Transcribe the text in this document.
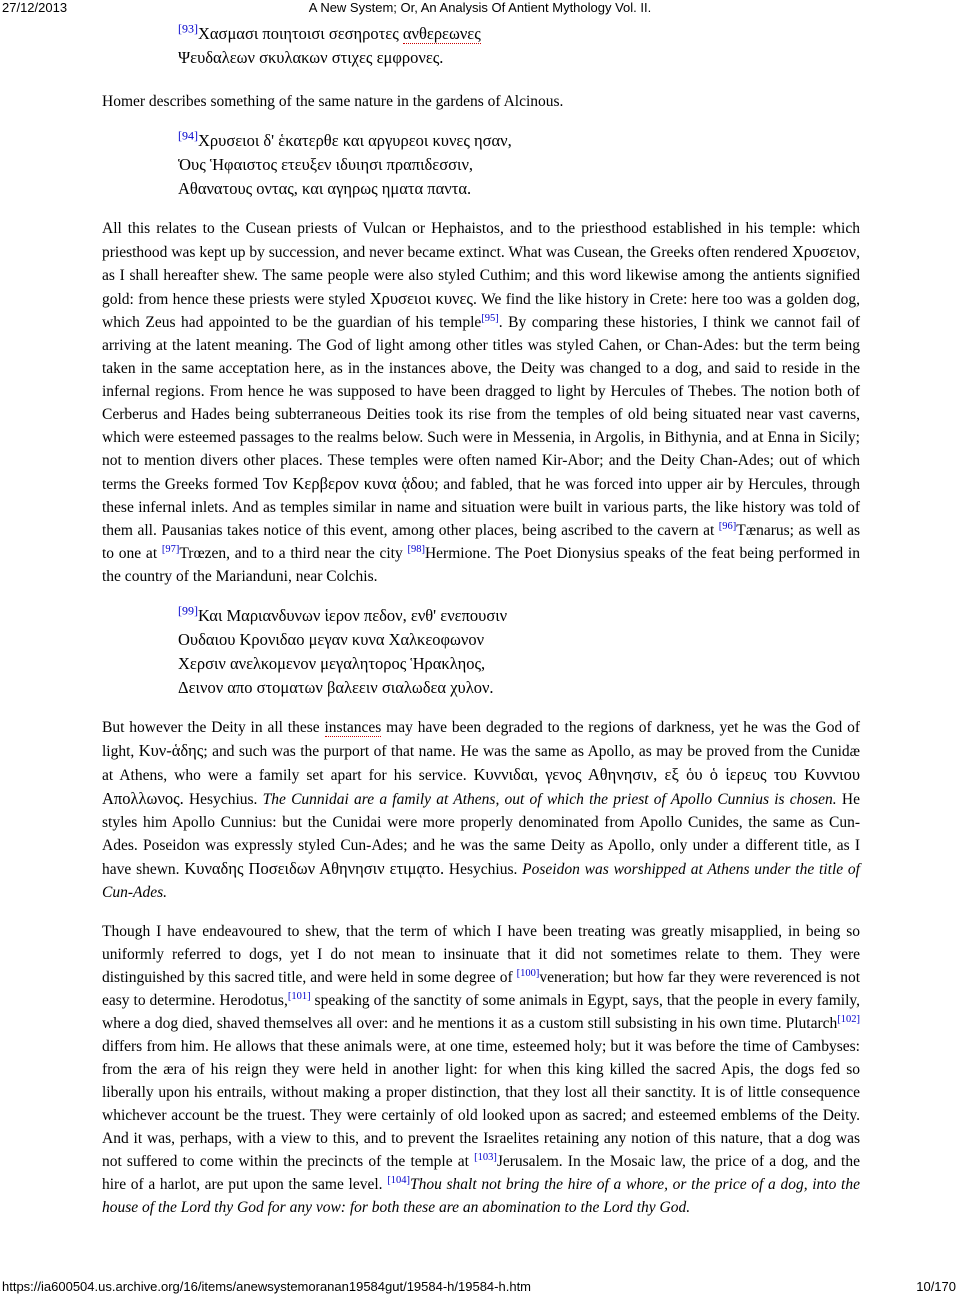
27/12/2013	A New System; Or, An Analysis Of Antient Mythology Vol. II.

[93]Χασμασι ποιητοισι σεσηροτες ανθερεωνες

Ψευδαλεων σκυλακων στιχες εμφρονες.

Homer describes something of the same nature in the gardens of Alcinous.

[94]Χρυσειοι δ' ἑκατερθε και αργυρεοι κυνες ησαν,

Ὁυς Ἡφαιστος ετευξεν ιδυιησι πραπιδεσσιν,

Αθανατους οντας, και αγηρως ηματα παντα.

All this relates to the Cusean priests of Vulcan or Hephaistos, and to the priesthood established in his temple: which priesthood was kept up by succession, and never became extinct. What was Cusean, the Greeks often rendered Χρυσειον, as I shall hereafter shew. The same people were also styled Cuthim; and this word likewise among the antients signified gold: from hence these priests were styled Χρυσειοι κυνες. We find the like history in Crete: here too was a golden dog, which Zeus had appointed to be the guardian of his temple[95]. By comparing these histories, I think we cannot fail of arriving at the latent meaning. The God of light among other titles was styled Cahen, or Chan-Ades: but the term being taken in the same acceptation here, as in the instances above, the Deity was changed to a dog, and said to reside in the infernal regions. From hence he was supposed to have been dragged to light by Hercules of Thebes. The notion both of Cerberus and Hades being subterraneous Deities took its rise from the temples of old being situated near vast caverns, which were esteemed passages to the realms below. Such were in Messenia, in Argolis, in Bithynia, and at Enna in Sicily; not to mention divers other places. These temples were often named Kir-Abor; and the Deity Chan-Ades; out of which terms the Greeks formed Τον Κερβερον κυνα ᾁδου; and fabled, that he was forced into upper air by Hercules, through these infernal inlets. And as temples similar in name and situation were built in various parts, the like history was told of them all. Pausanias takes notice of this event, among other places, being ascribed to the cavern at [96]Tænarus; as well as to one at [97]Trœzen, and to a third near the city [98]Hermione. The Poet Dionysius speaks of the feat being performed in the country of the Marianduni, near Colchis.

[99]Και Μαριανδυνων ἱερον πεδον, ενθ' ενεπουσιν

Ουδαιου Κρονιδαο μεγαν κυνα Χαλκεοφωνον

Χερσιν ανελκομενον μεγαλητορος Ἡρακληος,

Δεινον απο στοματων βαλεειν σιαλωδεα χυλον.

But however the Deity in all these instances may have been degraded to the regions of darkness, yet he was the God of light, Κυν-ἁδης; and such was the purport of that name. He was the same as Apollo, as may be proved from the Cunidæ at Athens, who were a family set apart for his service. Κυννιδαι, γενος Αθηνησιν, εξ ὁυ ὁ ἱερευς του Κυννιου Απολλωνος. Hesychius. The Cunnidai are a family at Athens, out of which the priest of Apollo Cunnius is chosen. He styles him Apollo Cunnius: but the Cunidai were more properly denominated from Apollo Cunides, the same as Cun-Ades. Poseidon was expressly styled Cun-Ades; and he was the same Deity as Apollo, only under a different title, as I have shewn. Κυναδης Ποσειδων Αθηνησιν ετιμᾳτο. Hesychius. Poseidon was worshipped at Athens under the title of Cun-Ades.

Though I have endeavoured to shew, that the term of which I have been treating was greatly misapplied, in being so uniformly referred to dogs, yet I do not mean to insinuate that it did not sometimes relate to them. They were distinguished by this sacred title, and were held in some degree of [100]veneration; but how far they were reverenced is not easy to determine. Herodotus,[101] speaking of the sanctity of some animals in Egypt, says, that the people in every family, where a dog died, shaved themselves all over: and he mentions it as a custom still subsisting in his own time. Plutarch[102] differs from him. He allows that these animals were, at one time, esteemed holy; but it was before the time of Cambyses: from the æra of his reign they were held in another light: for when this king killed the sacred Apis, the dogs fed so liberally upon his entrails, without making a proper distinction, that they lost all their sanctity. It is of little consequence whichever account be the truest. They were certainly of old looked upon as sacred; and esteemed emblems of the Deity. And it was, perhaps, with a view to this, and to prevent the Israelites retaining any notion of this nature, that a dog was not suffered to come within the precincts of the temple at [103]Jerusalem. In the Mosaic law, the price of a dog, and the hire of a harlot, are put upon the same level. [104]Thou shalt not bring the hire of a whore, or the price of a dog, into the house of the Lord thy God for any vow: for both these are an abomination to the Lord thy God.

https://ia600504.us.archive.org/16/items/anewsystemoranan19584gut/19584-h/19584-h.htm	10/170
